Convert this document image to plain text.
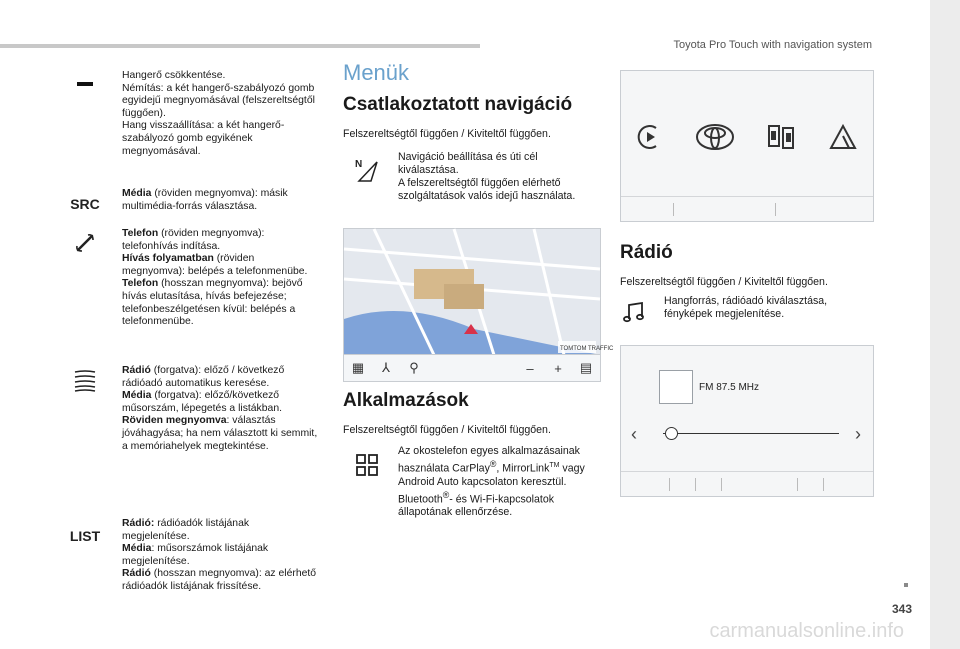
Toyota Pro Touch with navigation system
343
carmanualsonline.info
Hangerő csökkentése.
Némítás: a két hangerő-szabályozó gomb egyidejű megnyomásával (felszereltségtől függően).
Hang visszaállítása: a két hangerő-szabályozó gomb egyikének megnyomásával.
SRC
Média (röviden megnyomva): másik multimédia-forrás választása.
Telefon (röviden megnyomva): telefonhívás indítása.
Hívás folyamatban (röviden megnyomva): belépés a telefonmenübe.
Telefon (hosszan megnyomva): bejövő hívás elutasítása, hívás befejezése; telefonbeszélgetésen kívül: belépés a telefonmenübe.
Rádió (forgatva): előző / következő rádióadó automatikus keresése.
Média (forgatva): előző/következő műsorszám, lépegetés a listákban.
Röviden megnyomva: választás jóváhagyása; ha nem választott ki semmit, a memóriahelyek megtekintése.
LIST
Rádió: rádióadók listájának megjelenítése.
Média: műsorszámok listájának megjelenítése.
Rádió (hosszan megnyomva): az elérhető rádióadók listájának frissítése.
Menük
Csatlakoztatott navigáció
Felszereltségtől függően / Kiviteltől függően.
N
Navigáció beállítása és úti cél kiválasztása.
A felszereltségtől függően elérhető szolgáltatások valós idejű használata.
TOMTOM TRAFFIC
▦	⅄	⚲	–	+	▤
Alkalmazások
Felszereltségtől függően / Kiviteltől függően.
Az okostelefon egyes alkalmazásainak használata CarPlay®, MirrorLink™ vagy Android Auto kapcsolaton keresztül.
Bluetooth®- és Wi-Fi-kapcsolatok állapotának ellenőrzése.
Rádió
Felszereltségtől függően / Kiviteltől függően.
Hangforrás, rádióadó kiválasztása, fényképek megjelenítése.
FM 87.5 MHz
‹	›
